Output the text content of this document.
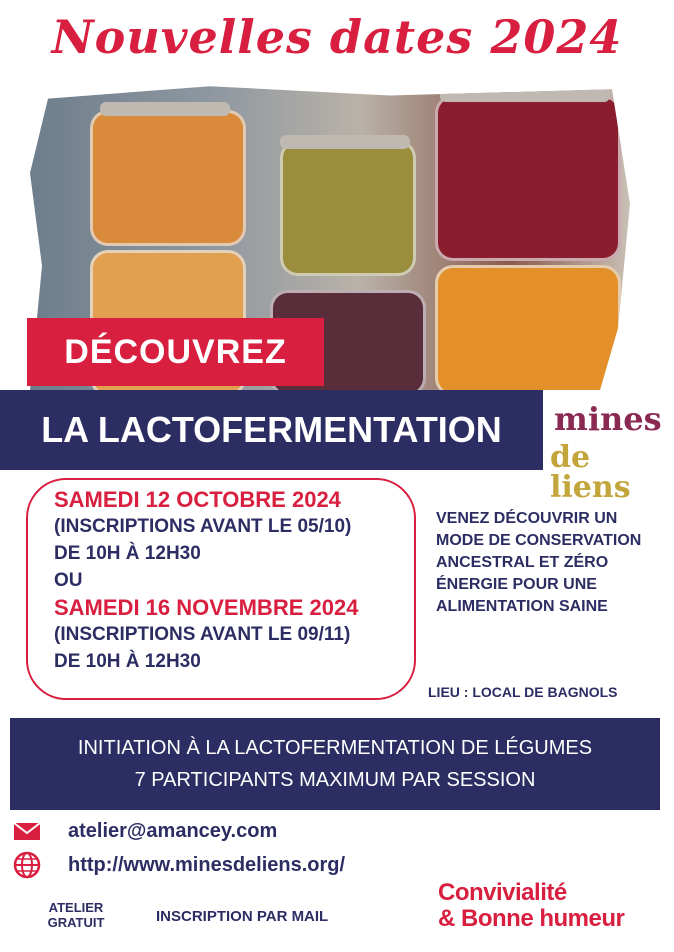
Nouvelles dates 2024
DÉCOUVREZ
LA LACTOFERMENTATION	mines
de liens
SAMEDI 12 OCTOBRE 2024
(INSCRIPTIONS AVANT LE 05/10)
DE 10H À 12H30
OU
SAMEDI 16 NOVEMBRE 2024
(INSCRIPTIONS AVANT LE 09/11)
DE 10H À 12H30
VENEZ DÉCOUVRIR UN MODE DE CONSERVATION ANCESTRAL ET ZÉRO ÉNERGIE POUR UNE ALIMENTATION SAINE
LIEU : LOCAL DE BAGNOLS
INITIATION À LA LACTOFERMENTATION DE LÉGUMES
7 PARTICIPANTS MAXIMUM PAR SESSION
atelier@amancey.com
http://www.minesdeliens.org/
ATELIER
GRATUIT	INSCRIPTION PAR MAIL
Convivialité
& Bonne humeur
